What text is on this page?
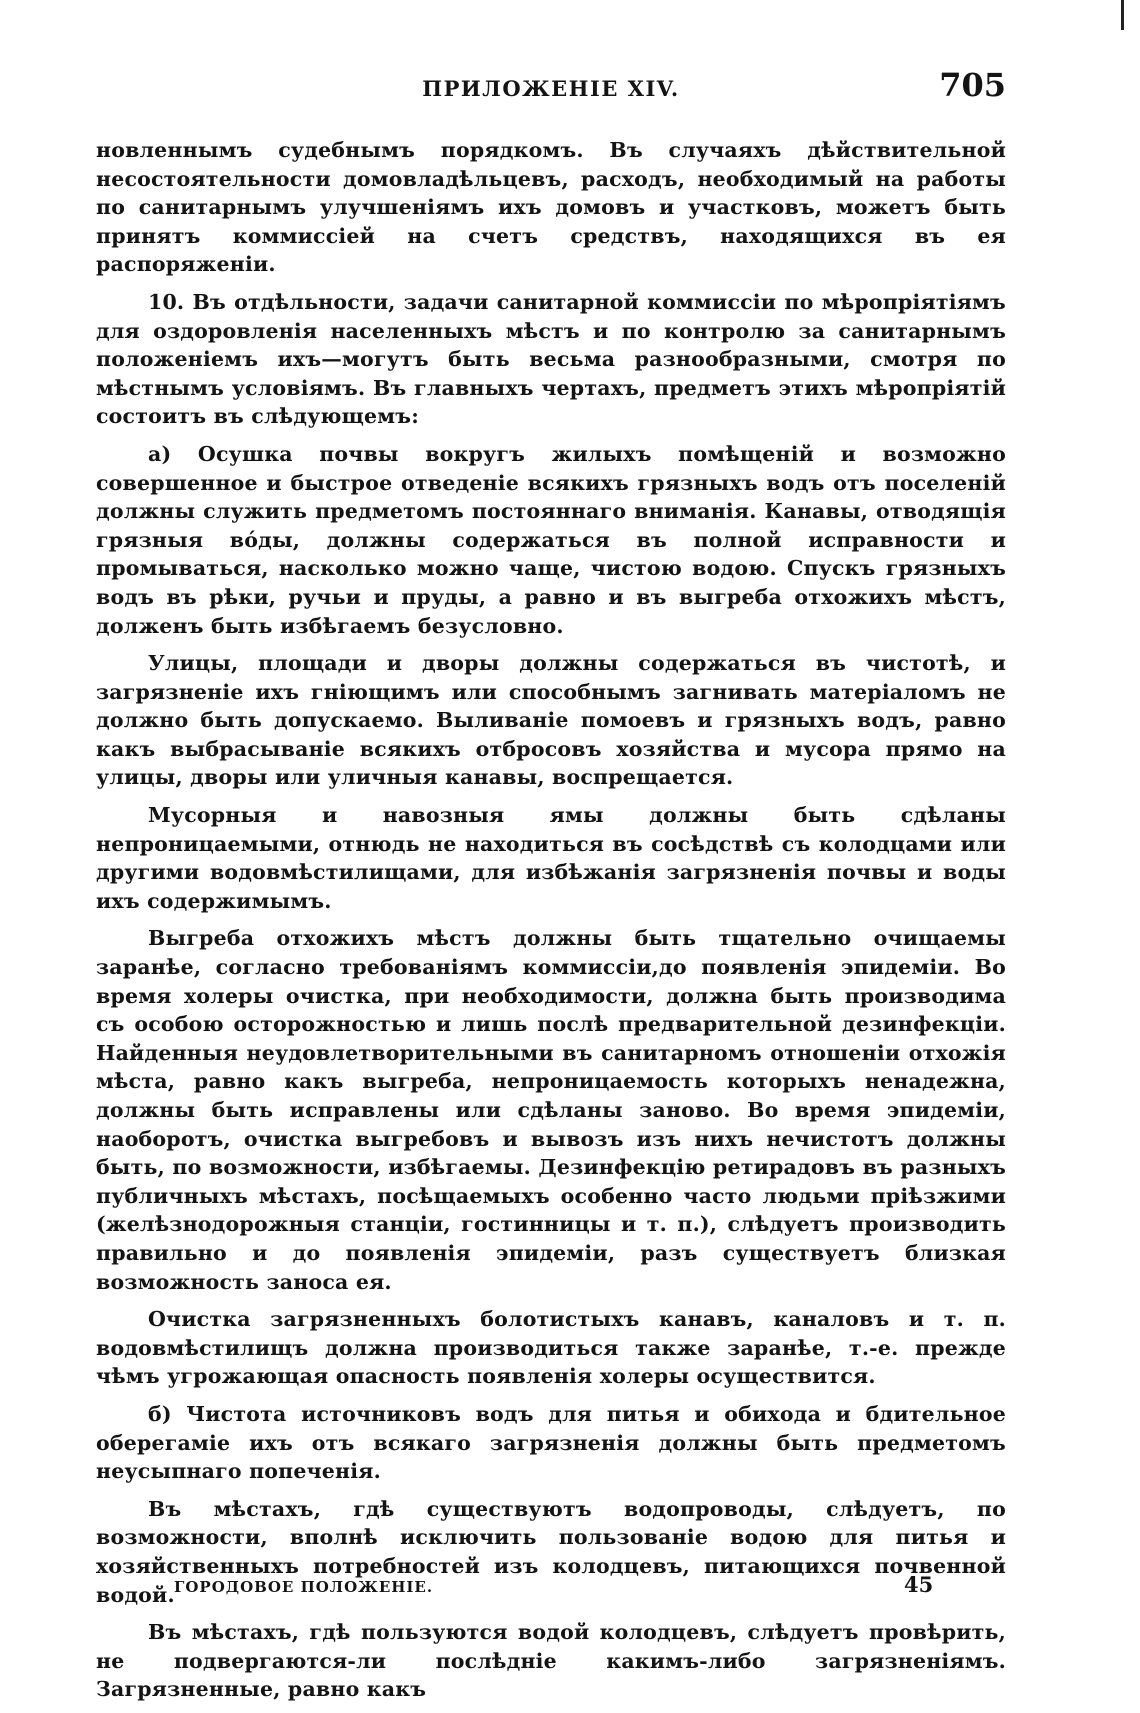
ПРИЛОЖЕНІЕ XIV.	705

новленнымъ судебнымъ порядкомъ. Въ случаяхъ дѣйствительной несостоятельности домовладѣльцевъ, расходъ, необходимый на работы по санитарнымъ улучшеніямъ ихъ домовъ и участковъ, можетъ быть принятъ коммиссіей на счетъ средствъ, находящихся въ ея распоряженіи.

10. Въ отдѣльности, задачи санитарной коммиссіи по мѣропріятіямъ для оздоровленія населенныхъ мѣстъ и по контролю за санитарнымъ положеніемъ ихъ—могутъ быть весьма разнообразными, смотря по мѣстнымъ условіямъ. Въ главныхъ чертахъ, предметъ этихъ мѣропріятій состоитъ въ слѣдующемъ:

а) Осушка почвы вокругъ жилыхъ помѣщеній и возможно совершенное и быстрое отведеніе всякихъ грязныхъ водъ отъ поселеній должны служить предметомъ постояннаго вниманія. Канавы, отводящія грязныя вóды, должны содержаться въ полной исправности и промываться, насколько можно чаще, чистою водою. Спускъ грязныхъ водъ въ рѣки, ручьи и пруды, а равно и въ выгреба отхожихъ мѣстъ, долженъ быть избѣгаемъ безусловно.

Улицы, площади и дворы должны содержаться въ чистотѣ, и загрязненіе ихъ гніющимъ или способнымъ загнивать матеріаломъ не должно быть допускаемо. Выливаніе помоевъ и грязныхъ водъ, равно какъ выбрасываніе всякихъ отбросовъ хозяйства и мусора прямо на улицы, дворы или уличныя канавы, воспрещается.

Мусорныя и навозныя ямы должны быть сдѣланы непроницаемыми, отнюдь не находиться въ сосѣдствѣ съ колодцами или другими водовмѣстилищами, для избѣжанія загрязненія почвы и воды ихъ содержимымъ.

Выгреба отхожихъ мѣстъ должны быть тщательно очищаемы заранѣе, согласно требованіямъ коммиссіи,до появленія эпидеміи. Во время холеры очистка, при необходимости, должна быть производима съ особою осторожностью и лишь послѣ предварительной дезинфекціи. Найденныя неудовлетворительными въ санитарномъ отношеніи отхожія мѣста, равно какъ выгреба, непроницаемость которыхъ ненадежна, должны быть исправлены или сдѣланы заново. Во время эпидеміи, наоборотъ, очистка выгребовъ и вывозъ изъ нихъ нечистотъ должны быть, по возможности, избѣгаемы. Дезинфекцію ретирадовъ въ разныхъ публичныхъ мѣстахъ, посѣщаемыхъ особенно часто людьми пріѣзжими (желѣзнодорожныя станціи, гостинницы и т. п.), слѣдуетъ производить правильно и до появленія эпидеміи, разъ существуетъ близкая возможность заноса ея.

Очистка загрязненныхъ болотистыхъ канавъ, каналовъ и т. п. водовмѣстилищъ должна производиться также заранѣе, т.-е. прежде чѣмъ угрожающая опасность появленія холеры осуществится.

б) Чистота источниковъ водъ для питья и обихода и бдительное оберегаміе ихъ отъ всякаго загрязненія должны быть предметомъ неусыпнаго попеченія.

Въ мѣстахъ, гдѣ существуютъ водопроводы, слѣдуетъ, по возможности, вполнѣ исключить пользованіе водою для питья и хозяйственныхъ потребностей изъ колодцевъ, питающихся почвенной водой.

Въ мѣстахъ, гдѣ пользуются водой колодцевъ, слѣдуетъ провѣрить, не подвергаются-ли послѣдніе какимъ-либо загрязненіямъ. Загрязненные, равно какъ

ГОРОДОВОЕ ПОЛОЖЕНІЕ.	45
